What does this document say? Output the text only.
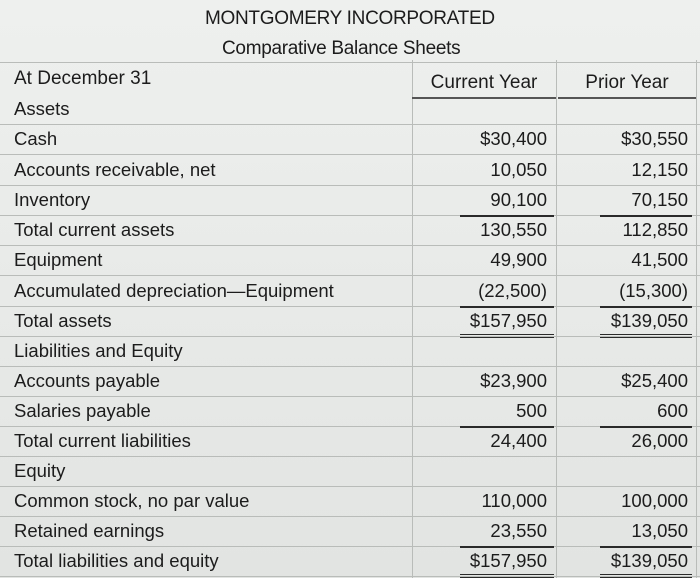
MONTGOMERY INCORPORATED
Comparative Balance Sheets
At December 31	Current Year	Prior Year
Assets
Cash	$30,400	$30,550
Accounts receivable, net	10,050	12,150
Inventory	90,100	70,150
Total current assets	130,550	112,850
Equipment	49,900	41,500
Accumulated depreciation—Equipment	(22,500)	(15,300)
Total assets	$157,950	$139,050
Liabilities and Equity
Accounts payable	$23,900	$25,400
Salaries payable	500	600
Total current liabilities	24,400	26,000
Equity
Common stock, no par value	110,000	100,000
Retained earnings	23,550	13,050
Total liabilities and equity	$157,950	$139,050
